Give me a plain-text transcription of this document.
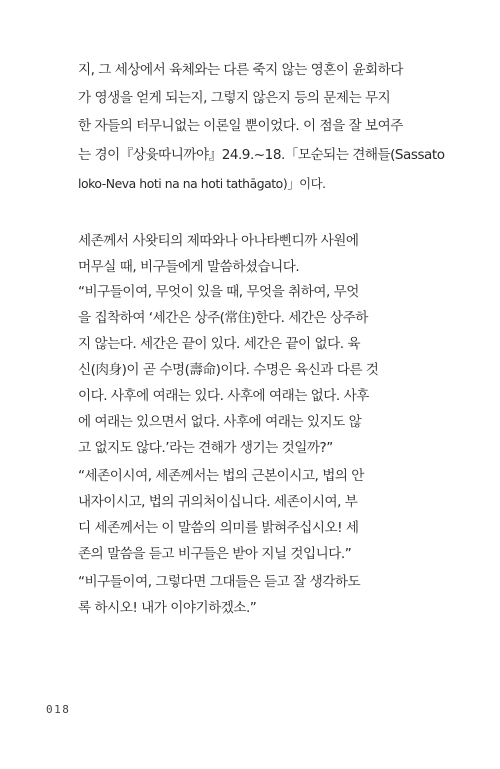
지, 그 세상에서 육체와는 다른 죽지 않는 영혼이 윤회하다
가 영생을 얻게 되는지, 그렇지 않은지 등의 문제는 무지
한 자들의 터무니없는 이론일 뿐이었다. 이 점을 잘 보여주
는 경이『상윳따니까야』24.9.~18.「모순되는 견해들(Sassato
loko-Neva hoti na na hoti tathāgato)」이다.
세존께서 사왓티의 제따와나 아나타삔디까 사원에
머무실 때, 비구들에게 말씀하셨습니다.
“비구들이여, 무엇이 있을 때, 무엇을 취하여, 무엇
을 집착하여 ‘세간은 상주(常住)한다. 세간은 상주하
지 않는다. 세간은 끝이 있다. 세간은 끝이 없다. 육
신(肉身)이 곧 수명(壽命)이다. 수명은 육신과 다른 것
이다. 사후에 여래는 있다. 사후에 여래는 없다. 사후
에 여래는 있으면서 없다. 사후에 여래는 있지도 않
고 없지도 않다.’라는 견해가 생기는 것일까?”
“세존이시여, 세존께서는 법의 근본이시고, 법의 안
내자이시고, 법의 귀의처이십니다. 세존이시여, 부
디 세존께서는 이 말씀의 의미를 밝혀주십시오! 세
존의 말씀을 듣고 비구들은 받아 지닐 것입니다.”
“비구들이여, 그렇다면 그대들은 듣고 잘 생각하도
록 하시오! 내가 이야기하겠소.”
018
